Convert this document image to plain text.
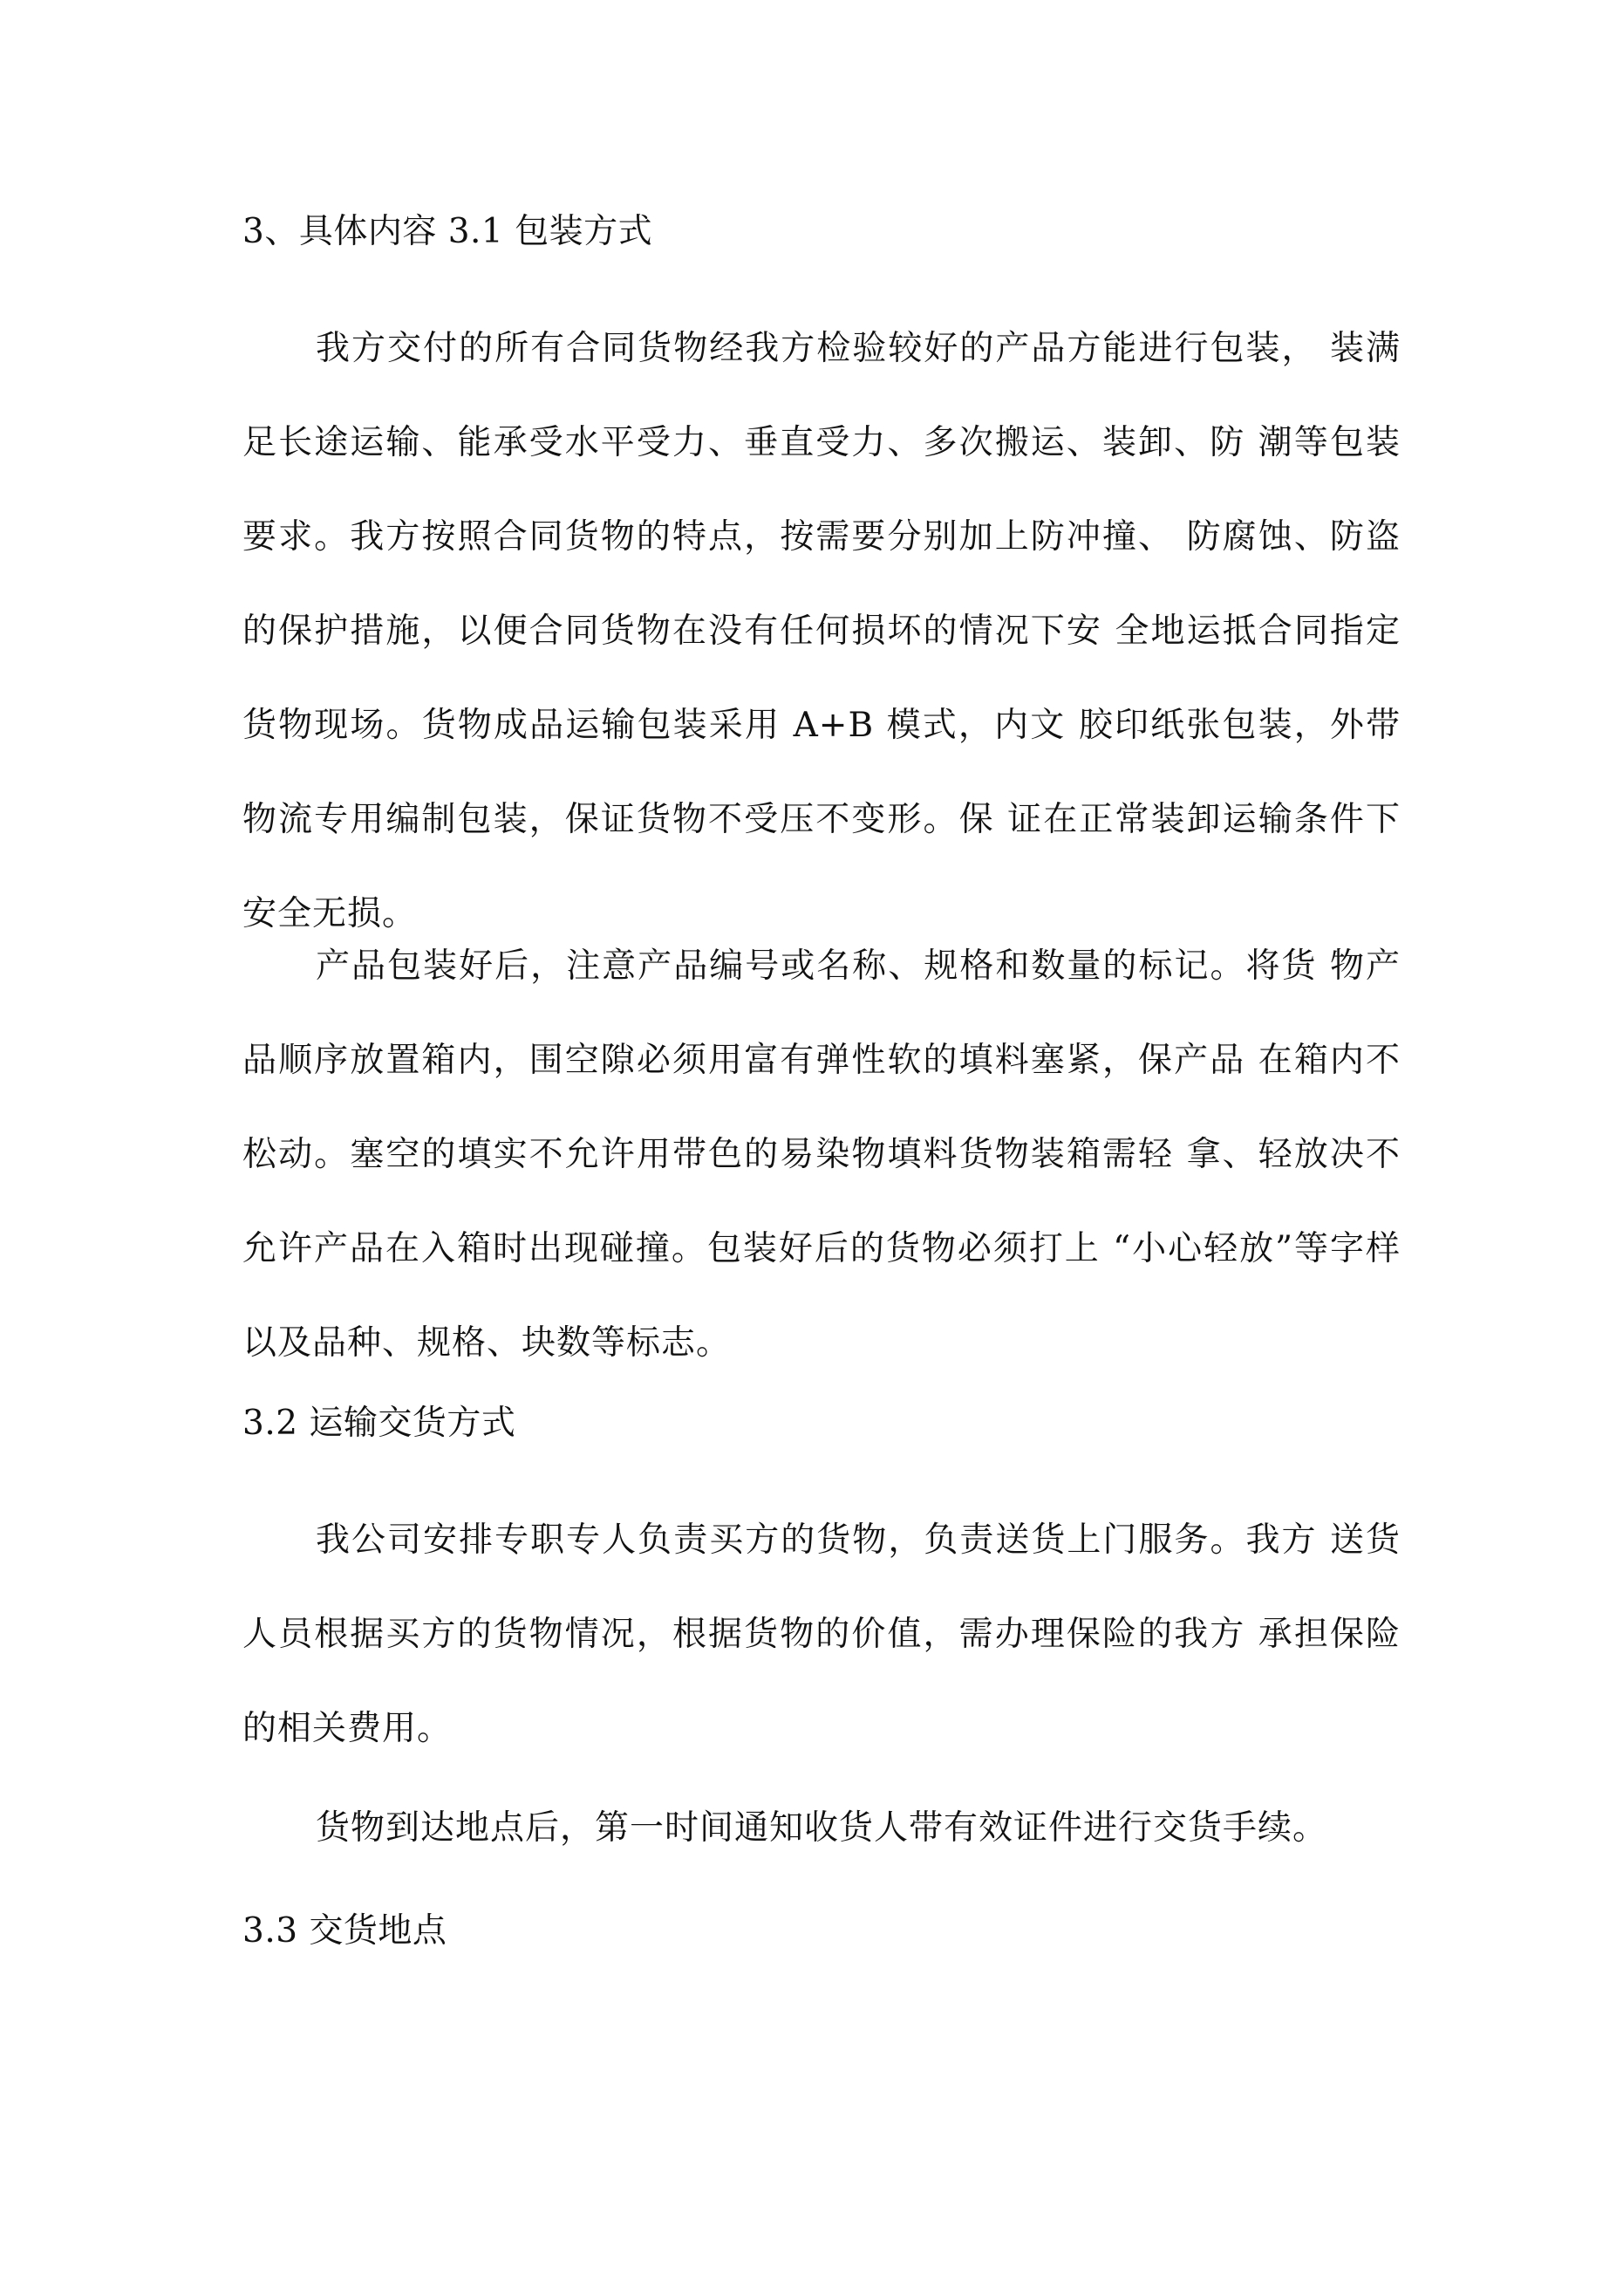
3、具体内容 3.1 包装方式
我方交付的所有合同货物经我方检验较好的产品方能进行包装， 装满足长途运输、能承受水平受力、垂直受力、多次搬运、装卸、防 潮等包装要求。我方按照合同货物的特点，按需要分别加上防冲撞、 防腐蚀、防盗的保护措施，以便合同货物在没有任何损坏的情况下安 全地运抵合同指定货物现场。货物成品运输包装采用 A+B 模式，内文 胶印纸张包装，外带物流专用编制包装，保证货物不受压不变形。保 证在正常装卸运输条件下安全无损。
产品包装好后，注意产品编号或名称、规格和数量的标记。将货 物产品顺序放置箱内，围空隙必须用富有弹性软的填料塞紧，保产品 在箱内不松动。塞空的填实不允许用带色的易染物填料货物装箱需轻 拿、轻放决不允许产品在入箱时出现碰撞。包装好后的货物必须打上 “小心轻放”等字样以及品种、规格、块数等标志。
3.2 运输交货方式
我公司安排专职专人负责买方的货物，负责送货上门服务。我方 送货人员根据买方的货物情况，根据货物的价值，需办理保险的我方 承担保险的相关费用。
货物到达地点后，第一时间通知收货人带有效证件进行交货手续。
3.3 交货地点
